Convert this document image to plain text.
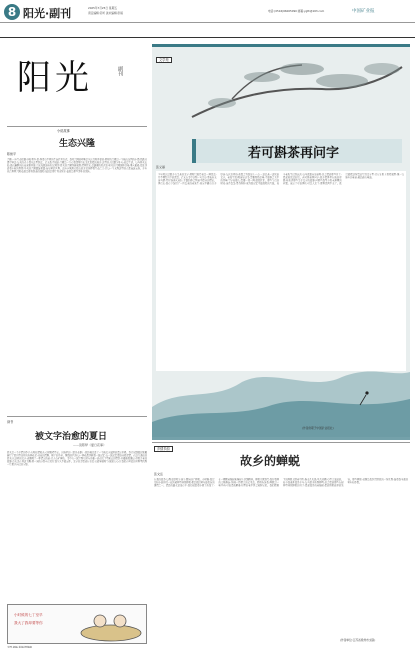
8 阳光·副刊	2025年7月25日 星期五
责任编辑:宋昕 美术编辑:彭娟	电话:(0516)66005090 邮箱:ygfk@163.com	中国矿业报
阳光	副刊
小说故事
生态兴隆
陈智平
兴隆,一座生态铁路小城,寒冬,夏,春都有不同的生态打开方式。我对兴隆的印象是从读书时开始的,那时的兴隆是一个被山包围的小镇,铁路从镇中穿过,每天的火车都从这里经过。后来我才知道,兴隆是一个有着深厚历史文化底蕴的地方,这里的人们勤劳朴实,热爱生活。每当春天来临,漫山遍野的山花竞相开放,引来无数游客驻足观赏;夏天的兴隆绿树成荫,清风徐来,是避暑的好去处;秋天的兴隆层林尽染,果实累累,处处洋溢着丰收的喜悦;冬天的兴隆银装素裹,宛如童话世界。这座小城用它独有的方式诠释着生态之美,让每一个来到这里的人都流连忘返。多年以后再回兴隆,依旧是那份熟悉的温暖,依旧是那片青山绿水,依旧是那些淳朴的笑脸。
读书
被文字治愈的夏日
——读陈梦《夏日花事》
夏天是一个多情的季节,有时热情似火,有时阴晴不定。读陈梦的《夏日花事》,我仿佛走进了一个被文字浸润的清凉世界。作者以细腻的笔触描写了夏日里盛开的各种花朵,荷花的清雅、栀子的芬芳、紫薇的烂漫,每一种花都承载着一段记忆,每一段记忆都饱含着深情。在这个炎热的夏天,读这样的文字,就像喝了一杯清凉的茶,让人心旷神怡。书中有一段写到儿时与外婆一起在院子里乘凉的情景,外婆摇着蒲扇,讲着古老的故事,萤火虫在身边飞舞,那一刻的宁静与美好让我久久不能忘怀。文字的力量就在于此,它能穿越时空,抚慰人心,让我们在喧嚣的世界里找到一片属于自己的宁静。
文学苑
若可斟茶再问字
张义丽
少年时读过很多有关茶的文字,那时只觉得茶是一种饮品,并不懂得其中的深意。后来在书中读到一句古诗,寒夜客来茶当酒,竹炉汤沸火初红,才隐约体会到茶中蕴含的情谊。再后来,我有幸结识了一位爱茶的老先生,他家中藏有许多好茶,每次去拜访,他都会为我泡上一壶,一边品茶一边谈论文字。老先生说,喝茶如读书,需要慢慢品味,才能体会其中的真味;写字如做人,需要一笔一画,端端正正。那些午后的时光,茶香袅袅,墨香阵阵,成为我记忆中最温暖的片段。如今老先生已经远去,每当我独自泡茶时,总会想起那些日子,想起他说过的话。若可斟茶再问字,我多想再坐在他的对面,听他讲那些关于文字的故事,问那些我至今仍未弄懂的问题。茶凉了可以再续,可是人走了,便再也回不来了。我只能把这份思念写进文字里,让它在纸上慢慢发酵,像一壶陈年的老茶,越品越有味道。
(作者供职于中国矿业报社)
乡情乡韵
故乡的蝉蜕
张文岳
在我的故乡,每到盛夏时节,树上便挂满了蝉蜕。小时候,我常常和小伙伴们一起去树林里寻找蝉蜕,那是我们童年最快乐的事情之一。清晨的露水还没有干,我们就提着小篮子出发了,在一棵棵老槐树和杨树上仔细搜寻。蝉蜕金黄透亮,保持着蝉的完整形态,仿佛一件精美的艺术品。奶奶告诉我,蝉蜕是一味中药,可以清热解毒,村里的老中医会收购它们。我们把攒下的蝉蜕卖给老中医,换来几毛钱,买几块糖,心里美滋滋的。如今我离开故乡多年,每当夏天听到蝉鸣,总会想起那些在树林里寻找蝉蜕的日子,想起故乡的老槐树,想起奶奶慈祥的笑容。那些蝉蜕,就像是故乡留给我的一份礼物,装着我全部的童年和乡愁。
(作者单位:江苏省徐州市文联)
小时候的七丁至早
我大了我却要等你
文图·刘畅 彭娟·情场编
